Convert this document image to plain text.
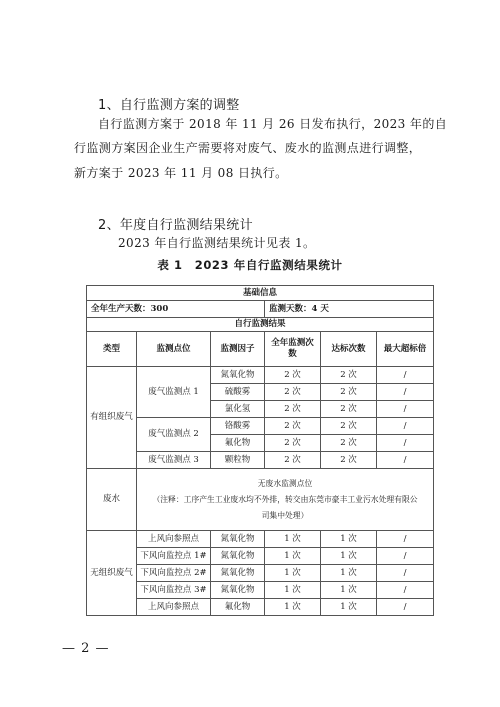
1、自行监测方案的调整
自行监测方案于 2018 年 11 月 26 日发布执行，2023 年的自
行监测方案因企业生产需要将对废气、废水的监测点进行调整，
新方案于 2023 年 11 月 08 日执行。
2、年度自行监测结果统计
2023 年自行监测结果统计见表 1。
表 1　2023 年自行监测结果统计
基础信息					
全年生产天数：300			监测天数：4 天		
自行监测结果					
类型	监测点位	监测因子	全年监测次数	达标次数	最大超标倍
有组织废气	废气监测点 1	氮氧化物	2 次	2 次	/
		硫酸雾	2 次	2 次	/
		氯化氢	2 次	2 次	/
	废气监测点 2	铬酸雾	2 次	2 次	/
		氟化物	2 次	2 次	/
	废气监测点 3	颗粒物	2 次	2 次	/
废水	无废水监测点位
（注释：工序产生工业废水均不外排，转交由东莞市豪丰工业污水处理有限公
司集中处理）				

无组织废气	上风向参照点	氮氧化物	1 次	1 次	/
	下风向监控点 1#	氮氧化物	1 次	1 次	/
	下风向监控点 2#	氮氧化物	1 次	1 次	/
	下风向监控点 3#	氮氧化物	1 次	1 次	/
	上风向参照点	氟化物	1 次	1 次	/
— 2 —
